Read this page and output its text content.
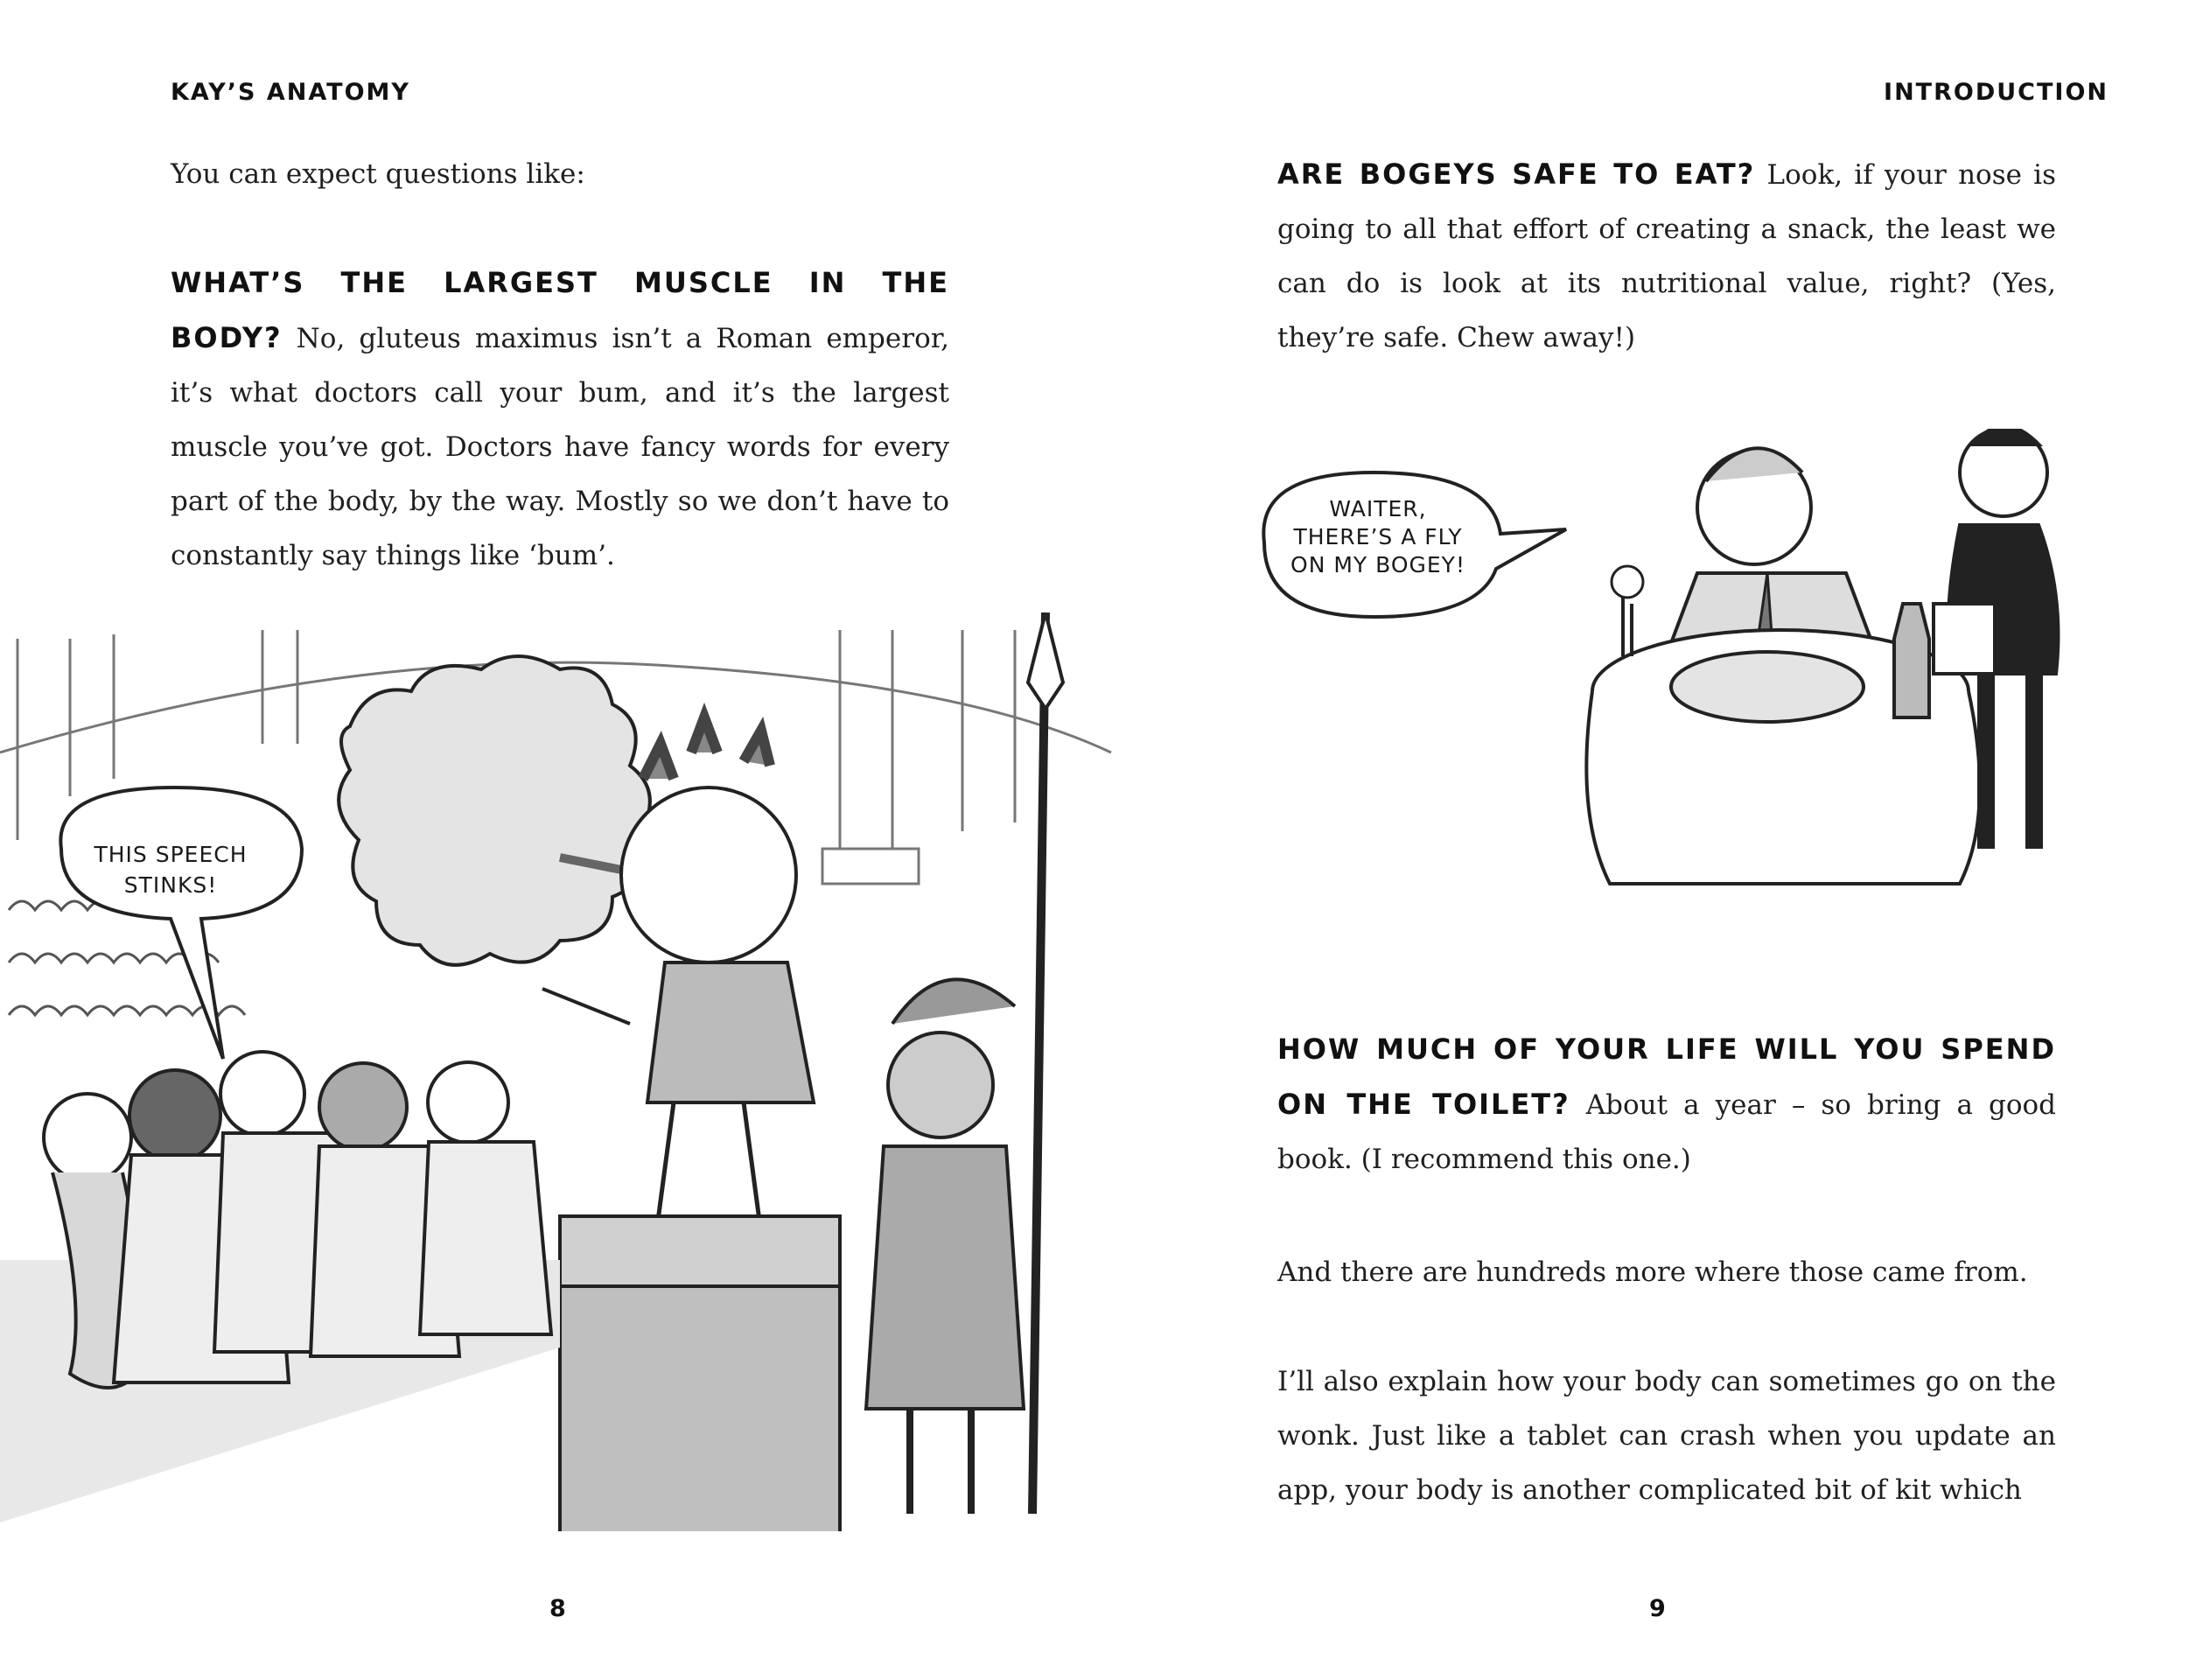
KAY’S ANATOMY
You can expect questions like:
WHAT’S THE LARGEST MUSCLE IN THE BODY? No, gluteus maximus isn’t a Roman emperor, it’s what doctors call your bum, and it’s the largest muscle you’ve got. Doctors have fancy words for every part of the body, by the way. Mostly so we don’t have to constantly say things like ‘bum’.
THIS SPEECH
STINKS!
8
INTRODUCTION
ARE BOGEYS SAFE TO EAT? Look, if your nose is going to all that effort of creating a snack, the least we can do is look at its nutritional value, right? (Yes, they’re safe. Chew away!)
WAITER,
THERE’S A FLY
ON MY BOGEY!
HOW MUCH OF YOUR LIFE WILL YOU SPEND ON THE TOILET? About a year – so bring a good book. (I recommend this one.)
And there are hundreds more where those came from.
I’ll also explain how your body can sometimes go on the wonk. Just like a tablet can crash when you update an app, your body is another complicated bit of kit which
9
